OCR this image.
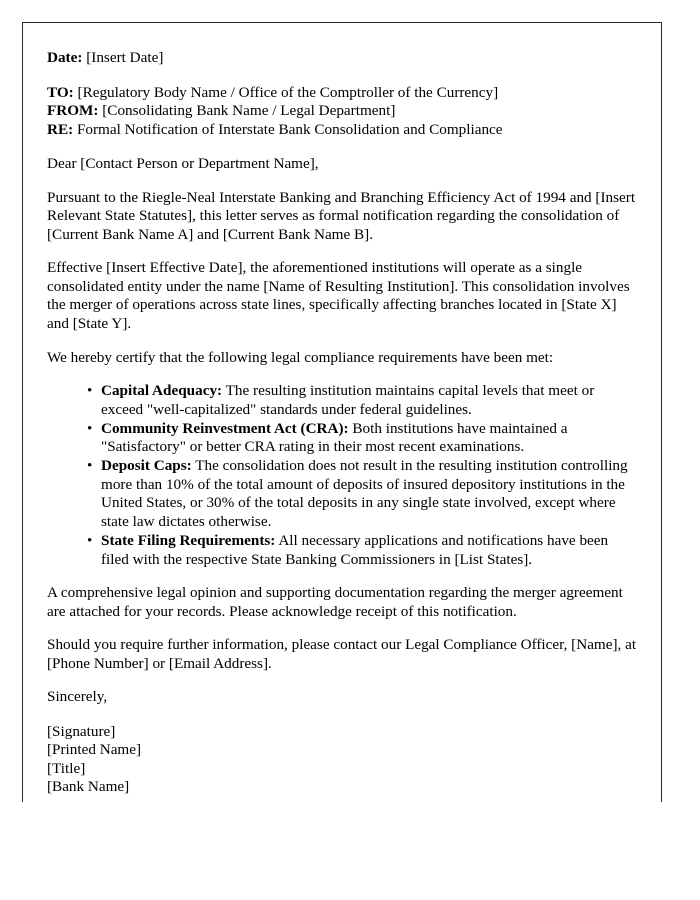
Date: [Insert Date]
TO: [Regulatory Body Name / Office of the Comptroller of the Currency]
FROM: [Consolidating Bank Name / Legal Department]
RE: Formal Notification of Interstate Bank Consolidation and Compliance

Dear [Contact Person or Department Name],

Pursuant to the Riegle-Neal Interstate Banking and Branching Efficiency Act of 1994 and [Insert Relevant State Statutes], this letter serves as formal notification regarding the consolidation of [Current Bank Name A] and [Current Bank Name B].

Effective [Insert Effective Date], the aforementioned institutions will operate as a single consolidated entity under the name [Name of Resulting Institution]. This consolidation involves the merger of operations across state lines, specifically affecting branches located in [State X] and [State Y].

We hereby certify that the following legal compliance requirements have been met:

• Capital Adequacy: The resulting institution maintains capital levels that meet or exceed "well-capitalized" standards under federal guidelines.
• Community Reinvestment Act (CRA): Both institutions have maintained a "Satisfactory" or better CRA rating in their most recent examinations.
• Deposit Caps: The consolidation does not result in the resulting institution controlling more than 10% of the total amount of deposits of insured depository institutions in the United States, or 30% of the total deposits in any single state involved, except where state law dictates otherwise.
• State Filing Requirements: All necessary applications and notifications have been filed with the respective State Banking Commissioners in [List States].

A comprehensive legal opinion and supporting documentation regarding the merger agreement are attached for your records. Please acknowledge receipt of this notification.

Should you require further information, please contact our Legal Compliance Officer, [Name], at [Phone Number] or [Email Address].

Sincerely,
[Signature]
[Printed Name]
[Title]
[Bank Name]
